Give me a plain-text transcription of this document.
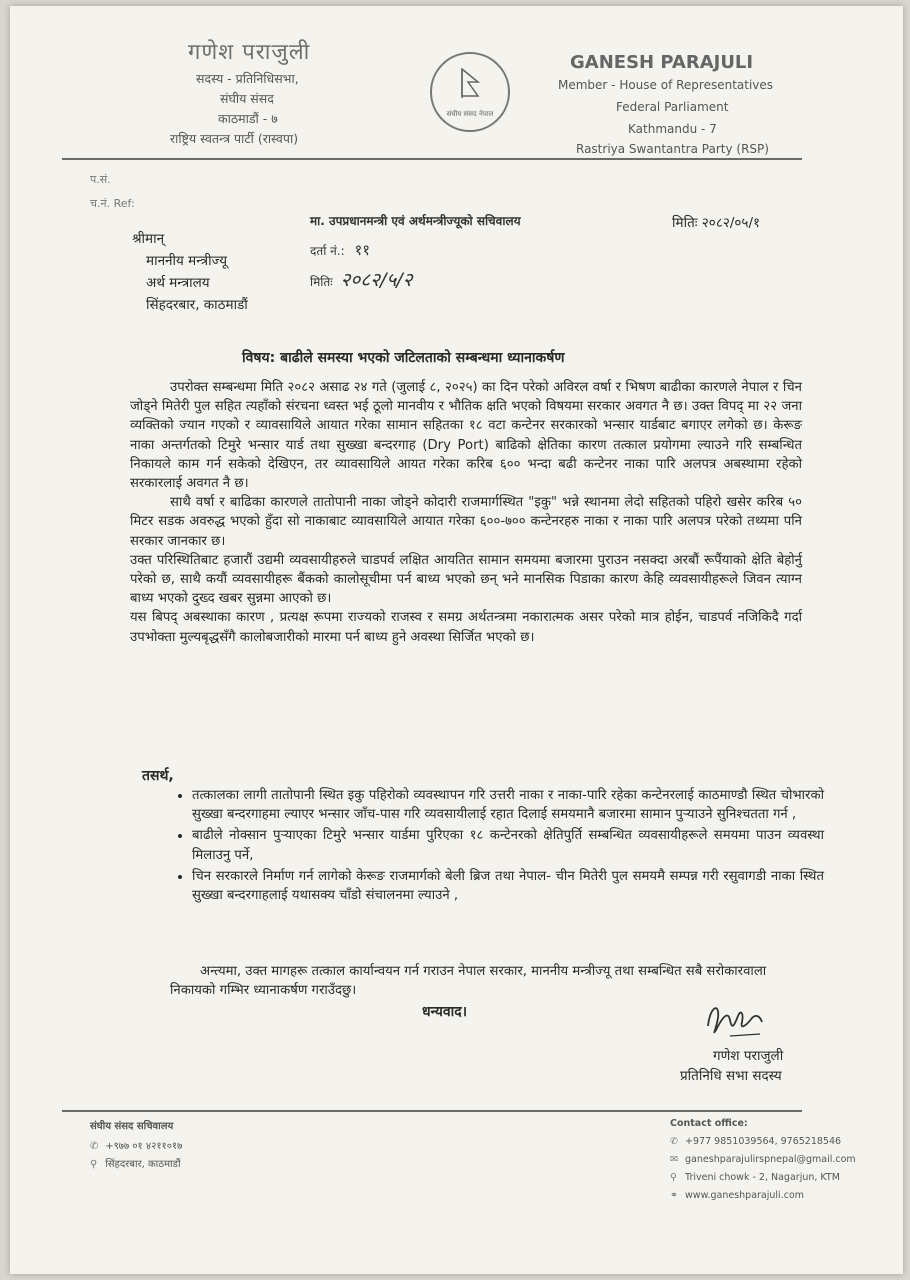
गणेश पराजुली
सदस्य - प्रतिनिधिसभा,
संघीय संसद
काठमाडौं - ७
राष्ट्रिय स्वतन्त्र पार्टी (रास्वपा)
संघीय संसद नेपाल
GANESH PARAJULI
Member - House of Representatives
Federal Parliament
Kathmandu - 7
Rastriya Swantantra Party (RSP)
प.सं.
च.नं. Ref:
मितिः २०८२/०५/१
श्रीमान्
माननीय मन्त्रीज्यू
अर्थ मन्त्रालय
सिंहदरबार, काठमाडौं
मा. उपप्रधानमन्त्री एवं अर्थमन्त्रीज्यूको सचिवालय
दर्ता नं.: ११
मितिः २०८२/५/२
विषय: बाढीले समस्या भएको जटिलताको सम्बन्धमा ध्यानाकर्षण

उपरोक्त सम्बन्धमा मिति २०८२ असाढ २४ गते (जुलाई ८, २०२५) का दिन परेको अविरल वर्षा र भिषण बाढीका कारणले नेपाल र चिन जोड्ने मितेरी पुल सहित त्यहाँको संरचना ध्वस्त भई ठूलो मानवीय र भौतिक क्षति भएको विषयमा सरकार अवगत नै छ। उक्त विपद् मा २२ जना व्यक्तिको ज्यान गएको र व्यावसायिले आयात गरेका सामान सहितका १८ वटा कन्टेनर सरकारको भन्सार यार्डबाट बगाएर लगेको छ। केरूङ नाका अन्तर्गतको टिमुरे भन्सार यार्ड तथा सुख्खा बन्दरगाह (Dry Port) बाढिको क्षेतिका कारण तत्काल प्रयोगमा ल्याउने गरि सम्बन्धित निकायले काम गर्न सकेको देखिएन, तर व्यावसायिले आयत गरेका करिब ६०० भन्दा बढी कन्टेनर नाका पारि अलपत्र अबस्थामा रहेको सरकारलाई अवगत नै छ।

साथै वर्षा र बाढिका कारणले तातोपानी नाका जोड्ने कोदारी राजमार्गस्थित "इकु" भन्ने स्थानमा लेदो सहितको पहिरो खसेर करिब ५० मिटर सडक अवरुद्ध भएको हुँदा सो नाकाबाट व्यावसायिले आयात गरेका ६००-७०० कन्टेनरहरु नाका र नाका पारि अलपत्र परेको तथ्यमा पनि सरकार जानकार छ।

उक्त परिस्थितिबाट हजारौं उद्यमी व्यवसायीहरुले चाडपर्व लक्षित आयतित सामान समयमा बजारमा पुराउन नसक्दा अरबौं रूपैंयाको क्षेति बेहोर्नु परेको छ, साथै कयौं व्यवसायीहरू बैंकको कालोसूचीमा पर्न बाध्य भएको छन् भने मानसिक पिडाका कारण केहि व्यवसायीहरूले जिवन त्याग्न बाध्य भएको दुख्द खबर सुन्नमा आएको छ।

यस बिपद् अबस्थाका कारण , प्रत्यक्ष रूपमा राज्यको राजस्व र समग्र अर्थतन्त्रमा नकारात्मक असर परेको मात्र होईन, चाडपर्व नजिकिदै गर्दा उपभोक्ता मुल्यबृद्धसँगै कालोबजारीको मारमा पर्न बाध्य हुने अवस्था सिर्जित भएको छ।

तसर्थ,
• तत्कालका लागी तातोपानी स्थित इकु पहिरोको व्यवस्थापन गरि उत्तरी नाका र नाका-पारि रहेका कन्टेनरलाई काठमाण्डौ स्थित चोभारको सुख्खा बन्दरगाहमा ल्याएर भन्सार जाँच-पास गरि व्यवसायीलाई रहात दिलाई समयमानै बजारमा सामान पुऱ्याउने सुनिश्चतता गर्न ,
• बाढीले नोक्सान पुऱ्याएका टिमुरे भन्सार यार्डमा पुरिएका १८ कन्टेनरको क्षेतिपुर्ति सम्बन्धित व्यवसायीहरूले समयमा पाउन व्यवस्था मिलाउनु पर्ने,
• चिन सरकारले निर्माण गर्न लागेको केरूङ राजमार्गको बेली ब्रिज तथा नेपाल- चीन मितेरी पुल समयमै सम्पन्न गरी रसुवागडी नाका स्थित सुख्खा बन्दरगाहलाई यथासक्य चाँडो संचालनमा ल्याउने ,
अन्त्यमा, उक्त मागहरू तत्काल कार्यान्वयन गर्न गराउन नेपाल सरकार, माननीय मन्त्रीज्यू तथा सम्बन्धित सबै सरोकारवाला निकायको गम्भिर ध्यानाकर्षण गराउँदछु।
धन्यवाद।
गणेश पराजुली
प्रतिनिधि सभा सदस्य
संघीय संसद सचिवालय
✆ +९७७ ०१ ४२११०१७
⚲ सिंहदरबार, काठमाडौं
Contact office:
✆ +977 9851039564, 9765218546
✉ ganeshparajulirspnepal@gmail.com
⚲ Triveni chowk - 2, Nagarjun, KTM
⚭ www.ganeshparajuli.com
